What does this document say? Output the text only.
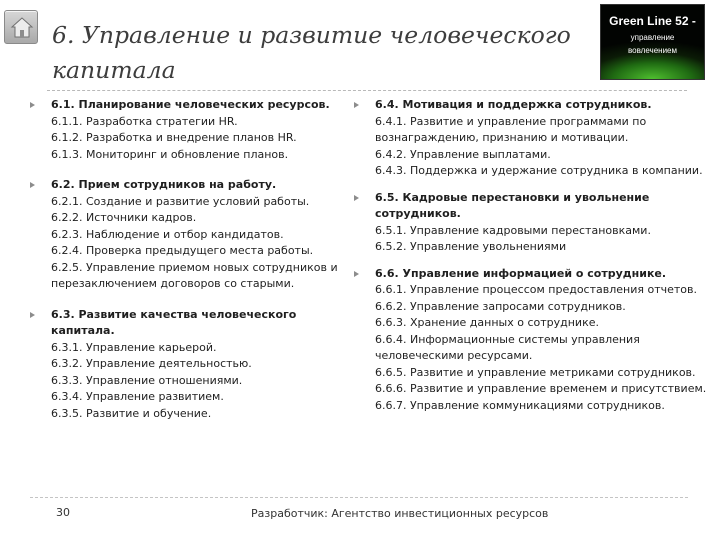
6. Управление и развитие человеческого капитала
Green Line 52 -
управление
вовлечением
6.1. Планирование человеческих ресурсов.
6.1.1. Разработка стратегии HR.
6.1.2. Разработка и внедрение планов HR.
6.1.3. Мониторинг и обновление планов.
6.2. Прием сотрудников на работу.
6.2.1. Создание и развитие условий работы.
6.2.2. Источники кадров.
6.2.3. Наблюдение и отбор кандидатов.
6.2.4. Проверка предыдущего места работы.
6.2.5. Управление приемом новых сотрудников и перезаключением договоров со старыми.
6.3. Развитие качества человеческого капитала.
6.3.1. Управление карьерой.
6.3.2. Управление деятельностью.
6.3.3. Управление отношениями.
6.3.4. Управление развитием.
6.3.5. Развитие и обучение.
6.4. Мотивация и поддержка сотрудников.
6.4.1. Развитие и управление программами по вознаграждению, признанию и мотивации.
6.4.2. Управление выплатами.
6.4.3. Поддержка и удержание сотрудника в компании.
6.5. Кадровые перестановки и увольнение сотрудников.
6.5.1. Управление кадровыми перестановками.
6.5.2. Управление увольнениями
6.6. Управление информацией о сотруднике.
6.6.1. Управление процессом предоставления отчетов.
6.6.2. Управление запросами сотрудников.
6.6.3. Хранение данных о сотруднике.
6.6.4. Информационные системы управления человеческими ресурсами.
6.6.5. Развитие и управление метриками сотрудников.
6.6.6. Развитие и управление временем и присутствием.
6.6.7. Управление коммуникациями сотрудников.
30	Разработчик: Агентство инвестиционных ресурсов
